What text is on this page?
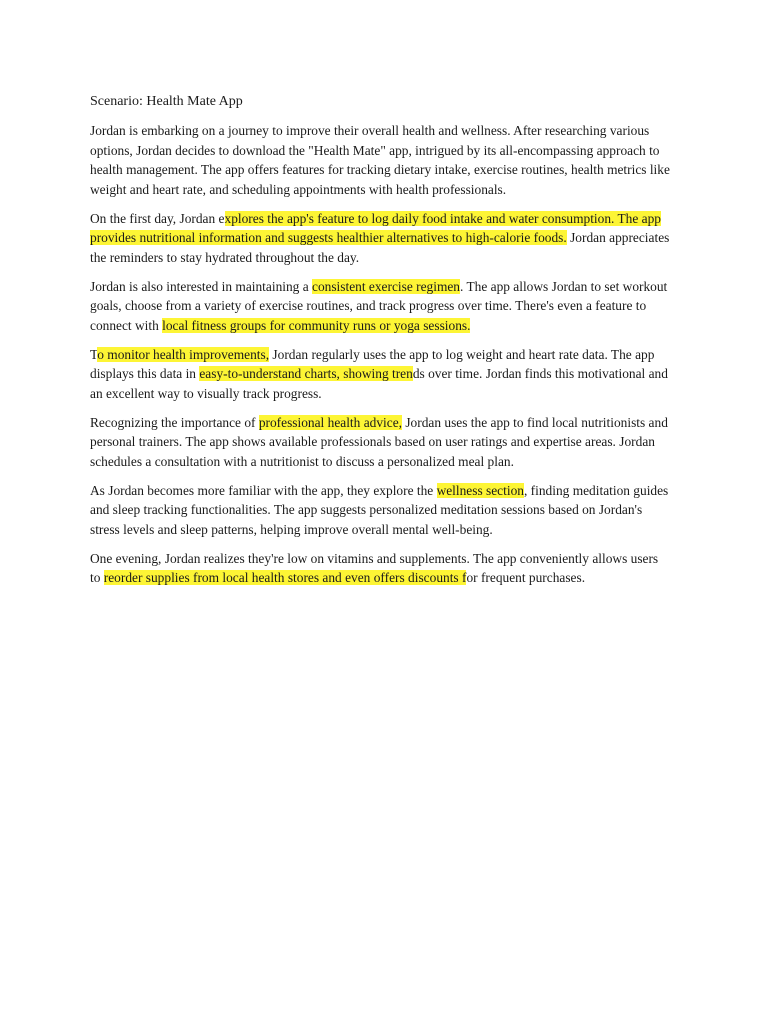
Scenario: Health Mate App

Jordan is embarking on a journey to improve their overall health and wellness. After researching various options, Jordan decides to download the "Health Mate" app, intrigued by its all-encompassing approach to health management. The app offers features for tracking dietary intake, exercise routines, health metrics like weight and heart rate, and scheduling appointments with health professionals.

On the first day, Jordan explores the app's feature to log daily food intake and water consumption. The app provides nutritional information and suggests healthier alternatives to high-calorie foods. Jordan appreciates the reminders to stay hydrated throughout the day.

Jordan is also interested in maintaining a consistent exercise regimen. The app allows Jordan to set workout goals, choose from a variety of exercise routines, and track progress over time. There's even a feature to connect with local fitness groups for community runs or yoga sessions.

To monitor health improvements, Jordan regularly uses the app to log weight and heart rate data. The app displays this data in easy-to-understand charts, showing trends over time. Jordan finds this motivational and an excellent way to visually track progress.

Recognizing the importance of professional health advice, Jordan uses the app to find local nutritionists and personal trainers. The app shows available professionals based on user ratings and expertise areas. Jordan schedules a consultation with a nutritionist to discuss a personalized meal plan.

As Jordan becomes more familiar with the app, they explore the wellness section, finding meditation guides and sleep tracking functionalities. The app suggests personalized meditation sessions based on Jordan's stress levels and sleep patterns, helping improve overall mental well-being.

One evening, Jordan realizes they're low on vitamins and supplements. The app conveniently allows users to reorder supplies from local health stores and even offers discounts for frequent purchases.
